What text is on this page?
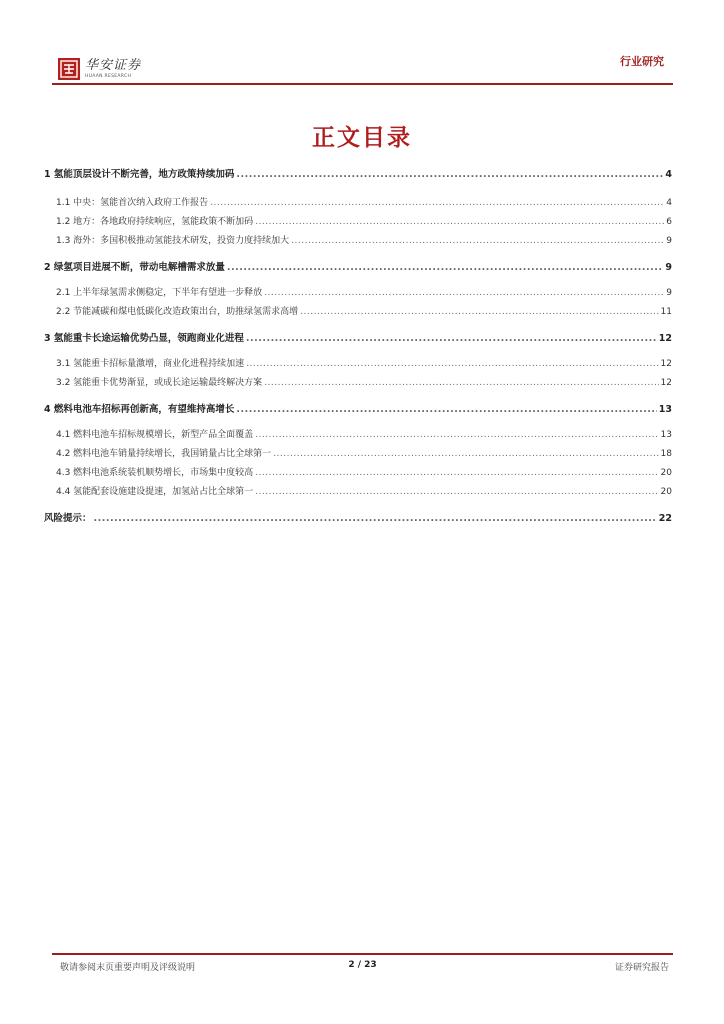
华安证券
HUAAN RESEARCH
行业研究
正文目录
1 氢能顶层设计不断完善，地方政策持续加码 .....	4
1.1 中央：氢能首次纳入政府工作报告 .....	4
1.2 地方：各地政府持续响应，氢能政策不断加码 .....	6
1.3 海外：多国积极推动氢能技术研发，投资力度持续加大 .....	9
2 绿氢项目进展不断，带动电解槽需求放量 .....	9
2.1 上半年绿氢需求侧稳定，下半年有望进一步释放 .....	9
2.2 节能减碳和煤电低碳化改造政策出台，助推绿氢需求高增 .....	11
3 氢能重卡长途运输优势凸显，领跑商业化进程 .....	12
3.1 氢能重卡招标量激增，商业化进程持续加速 .....	12
3.2 氢能重卡优势渐显，或成长途运输最终解决方案 .....	12
4 燃料电池车招标再创新高，有望维持高增长 .....	13
4.1 燃料电池车招标规模增长，新型产品全面覆盖 .....	13
4.2 燃料电池车销量持续增长，我国销量占比全球第一 .....	18
4.3 燃料电池系统装机顺势增长，市场集中度较高 .....	20
4.4 氢能配套设施建设提速，加氢站占比全球第一 .....	20
风险提示： .....	22
敬请参阅末页重要声明及评级说明	2 / 23	证券研究报告
